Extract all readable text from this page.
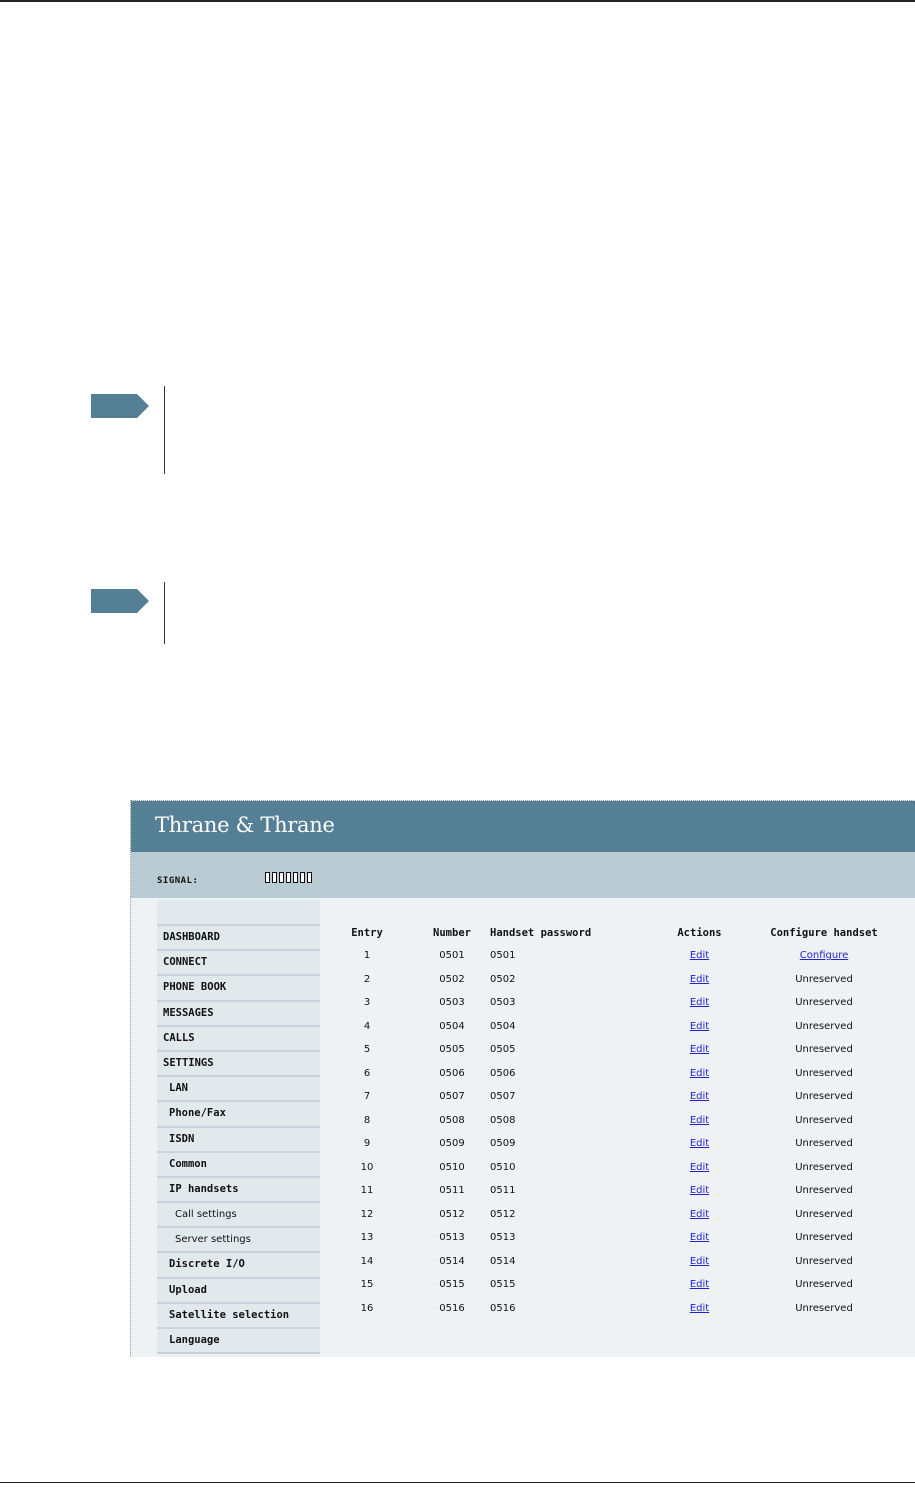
Thrane & Thrane
SIGNAL:
DASHBOARD
CONNECT
PHONE BOOK
MESSAGES
CALLS
SETTINGS
LAN
Phone/Fax
ISDN
Common
IP handsets
Call settings
Server settings
Discrete I/O
Upload
Satellite selection
Language
Entry	Number	Handset password	Actions	Configure handset
1	0501	0501	Edit	Configure
2	0502	0502	Edit	Unreserved
3	0503	0503	Edit	Unreserved
4	0504	0504	Edit	Unreserved
5	0505	0505	Edit	Unreserved
6	0506	0506	Edit	Unreserved
7	0507	0507	Edit	Unreserved
8	0508	0508	Edit	Unreserved
9	0509	0509	Edit	Unreserved
10	0510	0510	Edit	Unreserved
11	0511	0511	Edit	Unreserved
12	0512	0512	Edit	Unreserved
13	0513	0513	Edit	Unreserved
14	0514	0514	Edit	Unreserved
15	0515	0515	Edit	Unreserved
16	0516	0516	Edit	Unreserved
